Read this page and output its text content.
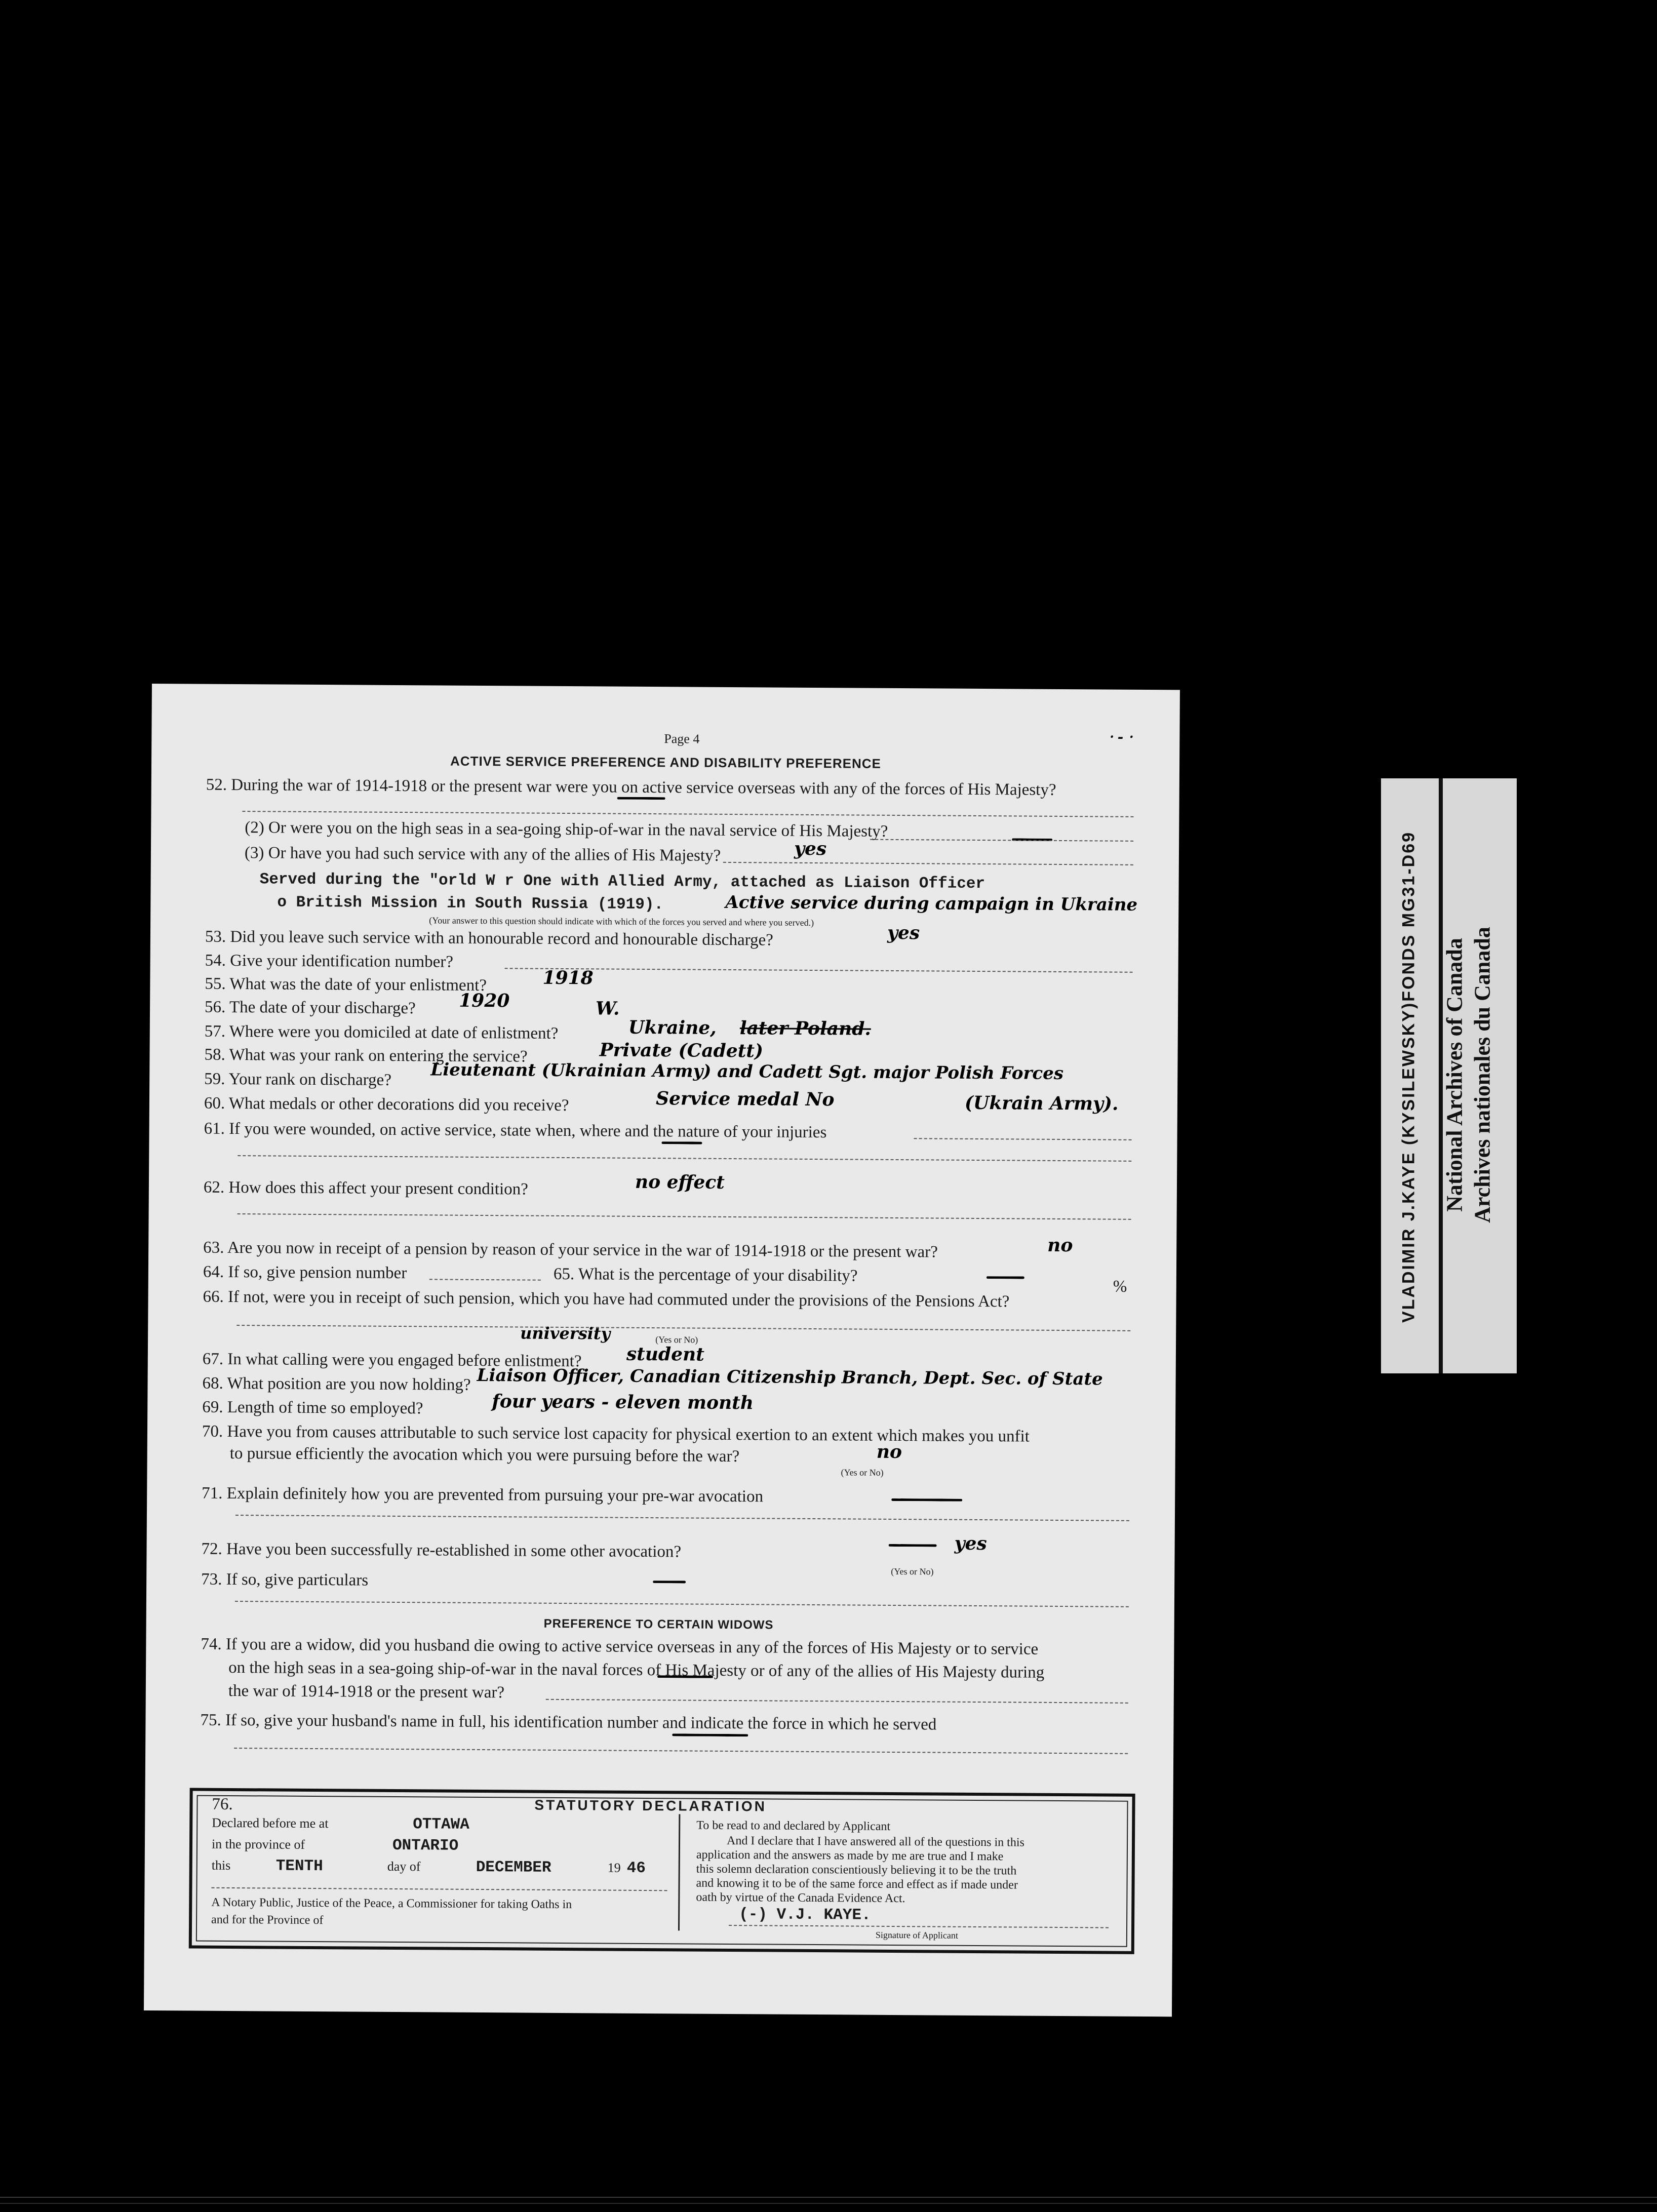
Page 4	⸱ - ⸱
ACTIVE SERVICE PREFERENCE AND DISABILITY PREFERENCE
52. During the war of 1914-1918 or the present war were you on active service overseas with any of the forces of His Majesty?
(2) Or were you on the high seas in a sea-going ship-of-war in the naval service of His Majesty?
(3) Or have you had such service with any of the allies of His Majesty?	yes
Served during the "orld W r One with Allied Army, attached as Liaison Officer
o British Mission in South Russia (1919).	Active service during campaign in Ukraine
(Your answer to this question should indicate with which of the forces you served and where you served.)
53. Did you leave such service with an honourable record and honourable discharge?	yes
54. Give your identification number?
55. What was the date of your enlistment?	1918
56. The date of your discharge? 1920
57. Where were you domiciled at date of enlistment?
W.
Ukraine, later Poland.
58. What was your rank on entering the service?	Private (Cadett)
59. Your rank on discharge? Lieutenant (Ukrainian Army) and Cadett Sgt. major Polish Forces
60. What medals or other decorations did you receive?	Service medal No	(Ukrain Army).
61. If you were wounded, on active service, state when, where and the nature of your injuries
62. How does this affect your present condition?	no effect
63. Are you now in receipt of a pension by reason of your service in the war of 1914-1918 or the present war?	no
64. If so, give pension number	65. What is the percentage of your disability?
%
66. If not, were you in receipt of such pension, which you have had commuted under the provisions of the Pensions Act?
(Yes or No)
university
67. In what calling were you engaged before enlistment? student
68. What position are you now holding? Liaison Officer, Canadian Citizenship Branch, Dept. Sec. of State
69. Length of time so employed?	four years - eleven month
70. Have you from causes attributable to such service lost capacity for physical exertion to an extent which makes you unfit
to pursue efficiently the avocation which you were pursuing before the war?	no
(Yes or No)
71. Explain definitely how you are prevented from pursuing your pre-war avocation
72. Have you been successfully re-established in some other avocation?	yes
(Yes or No)
73. If so, give particulars
PREFERENCE TO CERTAIN WIDOWS
74. If you are a widow, did you husband die owing to active service overseas in any of the forces of His Majesty or to service
on the high seas in a sea-going ship-of-war in the naval forces of His Majesty or of any of the allies of His Majesty during
the war of 1914-1918 or the present war?
75. If so, give your husband's name in full, his identification number and indicate the force in which he served
76.	STATUTORY DECLARATION
Declared before me at	OTTAWA
in the province of	ONTARIO
this	TENTH	day of	DECEMBER	19 46
A Notary Public, Justice of the Peace, a Commissioner for taking Oaths in
and for the Province of
To be read to and declared by Applicant
And I declare that I have answered all of the questions in this
application and the answers as made by me are true and I make
this solemn declaration conscientiously believing it to be the truth
and knowing it to be of the same force and effect as if made under
oath by virtue of the Canada Evidence Act.
(-) V.J. KAYE.
Signature of Applicant
VLADIMIR J.KAYE (KYSILEWSKY)FONDS MG31-D69 National Archives of Canada Archives nationales du Canada
